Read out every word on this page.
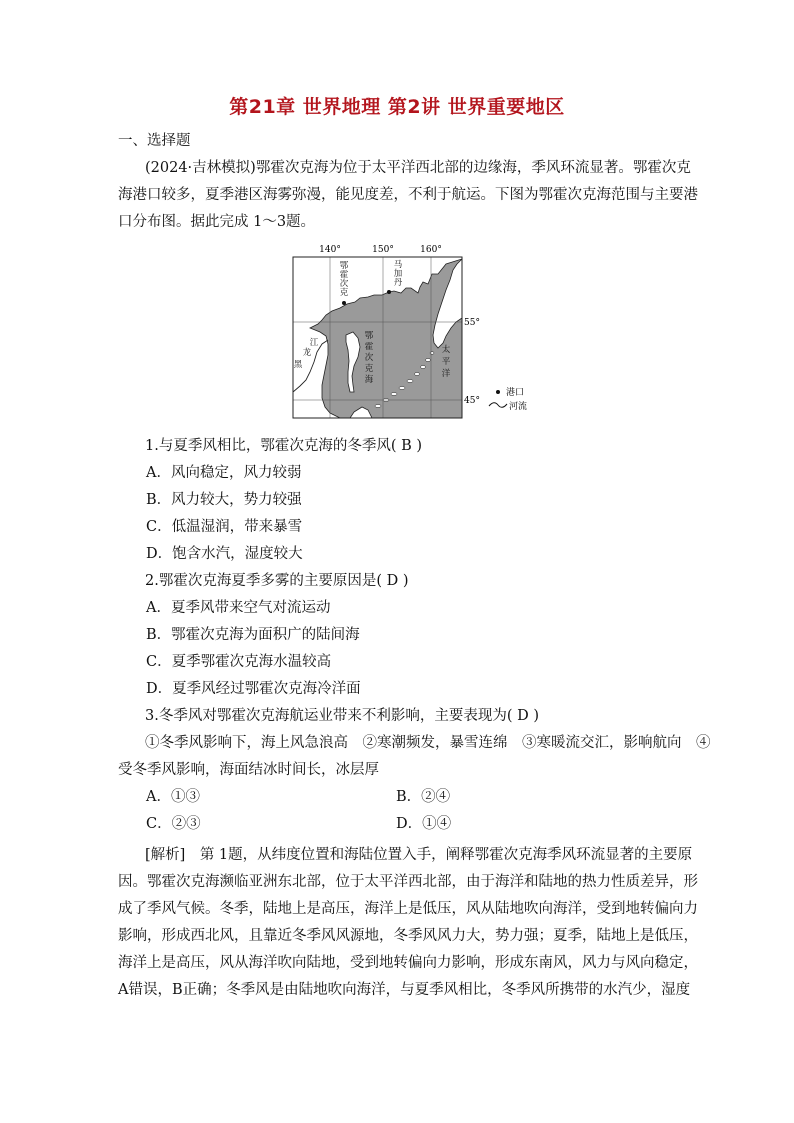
第21章 世界地理 第2讲 世界重要地区
一、选择题
(2024·吉林模拟)鄂霍次克海为位于太平洋西北部的边缘海，季风环流显著。鄂霍次克
海港口较多，夏季港区海雾弥漫，能见度差，不利于航运。下图为鄂霍次克海范围与主要港
口分布图。据此完成 1～3题。
140°	150°	160°
鄂
霍
次
克
马
加
丹
鄂
霍
次
克
海
太
平
洋
黑
龙
江
55°
45°
港口
河流
1.与夏季风相比，鄂霍次克海的冬季风( B )
A．风向稳定，风力较弱
B．风力较大，势力较强
C．低温湿润，带来暴雪
D．饱含水汽，湿度较大
2.鄂霍次克海夏季多雾的主要原因是( D )
A．夏季风带来空气对流运动
B．鄂霍次克海为面积广的陆间海
C．夏季鄂霍次克海水温较高
D．夏季风经过鄂霍次克海冷洋面
3.冬季风对鄂霍次克海航运业带来不利影响，主要表现为( D )
①冬季风影响下，海上风急浪高　②寒潮频发，暴雪连绵　③寒暖流交汇，影响航向　④
受冬季风影响，海面结冰时间长，冰层厚
A．①③	B．②④
C．②③	D．①④
[解析]　第 1题，从纬度位置和海陆位置入手，阐释鄂霍次克海季风环流显著的主要原
因。鄂霍次克海濒临亚洲东北部，位于太平洋西北部，由于海洋和陆地的热力性质差异，形
成了季风气候。冬季，陆地上是高压，海洋上是低压，风从陆地吹向海洋，受到地转偏向力
影响，形成西北风，且靠近冬季风风源地，冬季风风力大，势力强；夏季，陆地上是低压，
海洋上是高压，风从海洋吹向陆地，受到地转偏向力影响，形成东南风，风力与风向稳定，
A错误，B正确；冬季风是由陆地吹向海洋，与夏季风相比，冬季风所携带的水汽少，湿度
